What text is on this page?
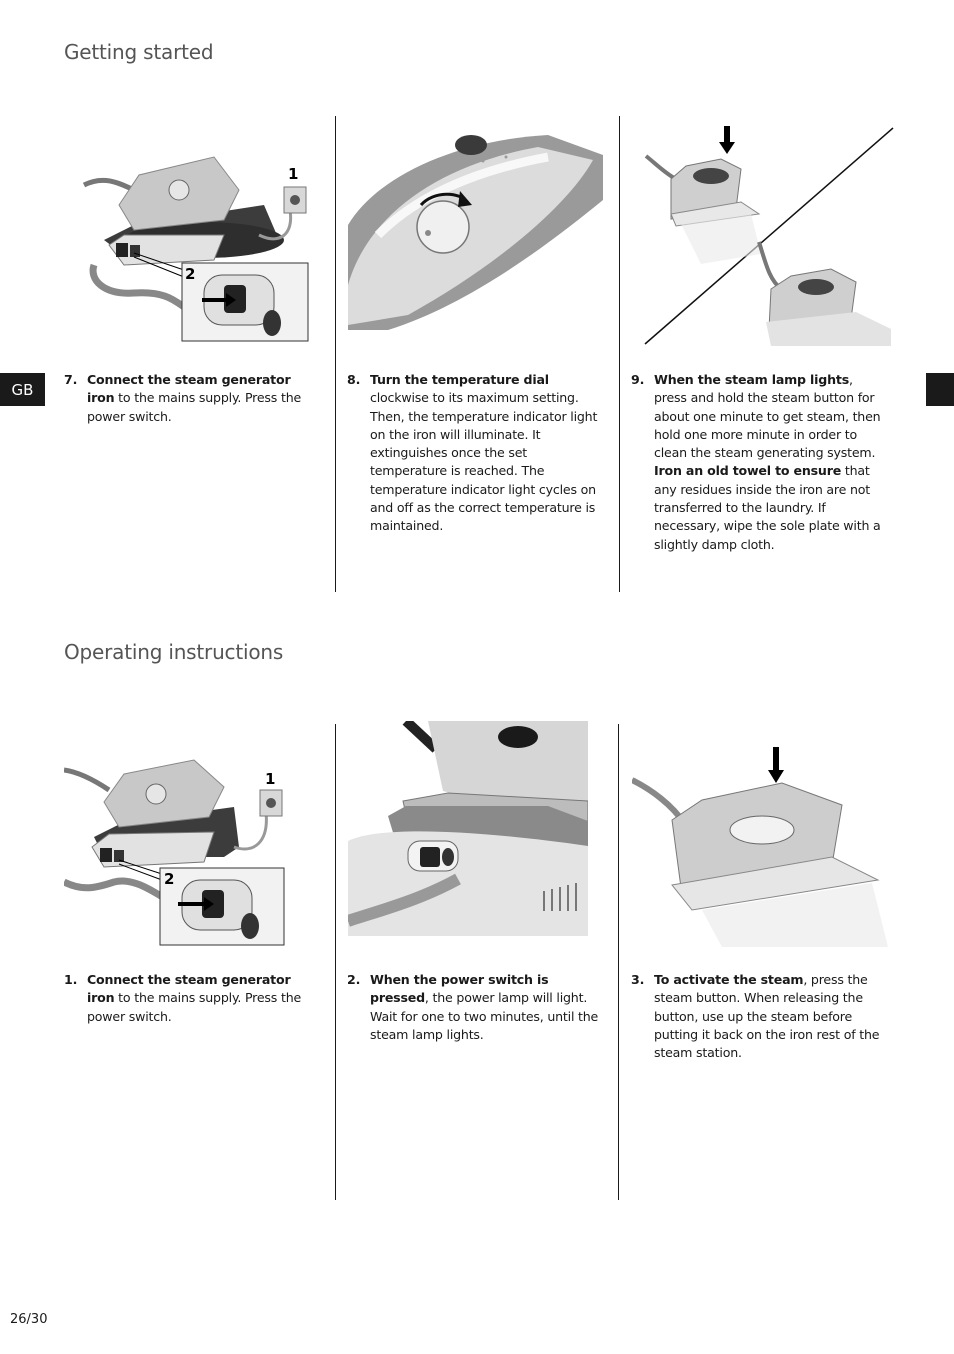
Getting started
1
2
7. Connect the steam generator iron to the mains supply. Press the power switch.
8. Turn the temperature dial clockwise to its maximum setting. Then, the temperature indicator light on the iron will illuminate. It extinguishes once the set temperature is reached. The temperature indicator light cycles on and off as the correct temperature is maintained.
9. When the steam lamp lights, press and hold the steam button for about one minute to get steam, then hold one more minute in order to clean the steam generating system.
Iron an old towel to ensure that any residues inside the iron are not transferred to the laundry. If necessary, wipe the sole plate with a slightly damp cloth.
Operating instructions
1
2
1. Connect the steam generator iron to the mains supply. Press the power switch.
2. When the power switch is pressed, the power lamp will light. Wait for one to two minutes, until the steam lamp lights.
3. To activate the steam, press the steam button. When releasing the button, use up the steam before putting it back on the iron rest of the steam station.
GB
26/30
